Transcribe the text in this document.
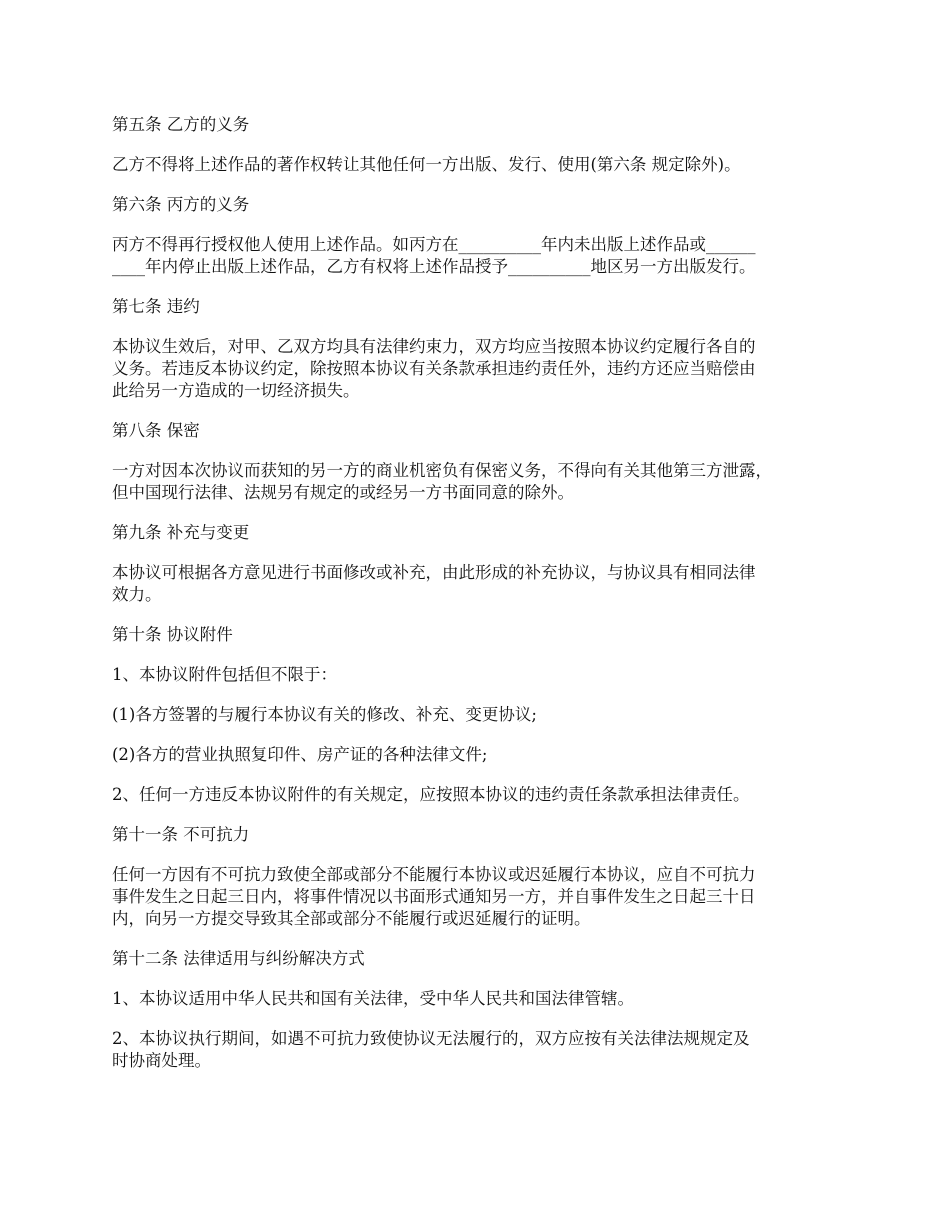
第五条 乙方的义务

乙方不得将上述作品的著作权转让其他任何一方出版、发行、使用(第六条 规定除外)。

第六条 丙方的义务

丙方不得再行授权他人使用上述作品。如丙方在__________年内未出版上述作品或______
____年内停止出版上述作品，乙方有权将上述作品授予__________地区另一方出版发行。

第七条 违约

本协议生效后，对甲、乙双方均具有法律约束力，双方均应当按照本协议约定履行各自的
义务。若违反本协议约定，除按照本协议有关条款承担违约责任外，违约方还应当赔偿由
此给另一方造成的一切经济损失。

第八条 保密

一方对因本次协议而获知的另一方的商业机密负有保密义务，不得向有关其他第三方泄露，
但中国现行法律、法规另有规定的或经另一方书面同意的除外。

第九条 补充与变更

本协议可根据各方意见进行书面修改或补充，由此形成的补充协议，与协议具有相同法律
效力。

第十条 协议附件

1、本协议附件包括但不限于：

(1)各方签署的与履行本协议有关的修改、补充、变更协议;

(2)各方的营业执照复印件、房产证的各种法律文件;

2、任何一方违反本协议附件的有关规定，应按照本协议的违约责任条款承担法律责任。

第十一条 不可抗力

任何一方因有不可抗力致使全部或部分不能履行本协议或迟延履行本协议，应自不可抗力
事件发生之日起三日内，将事件情况以书面形式通知另一方，并自事件发生之日起三十日
内，向另一方提交导致其全部或部分不能履行或迟延履行的证明。

第十二条 法律适用与纠纷解决方式

1、本协议适用中华人民共和国有关法律，受中华人民共和国法律管辖。

2、本协议执行期间，如遇不可抗力致使协议无法履行的，双方应按有关法律法规规定及
时协商处理。
